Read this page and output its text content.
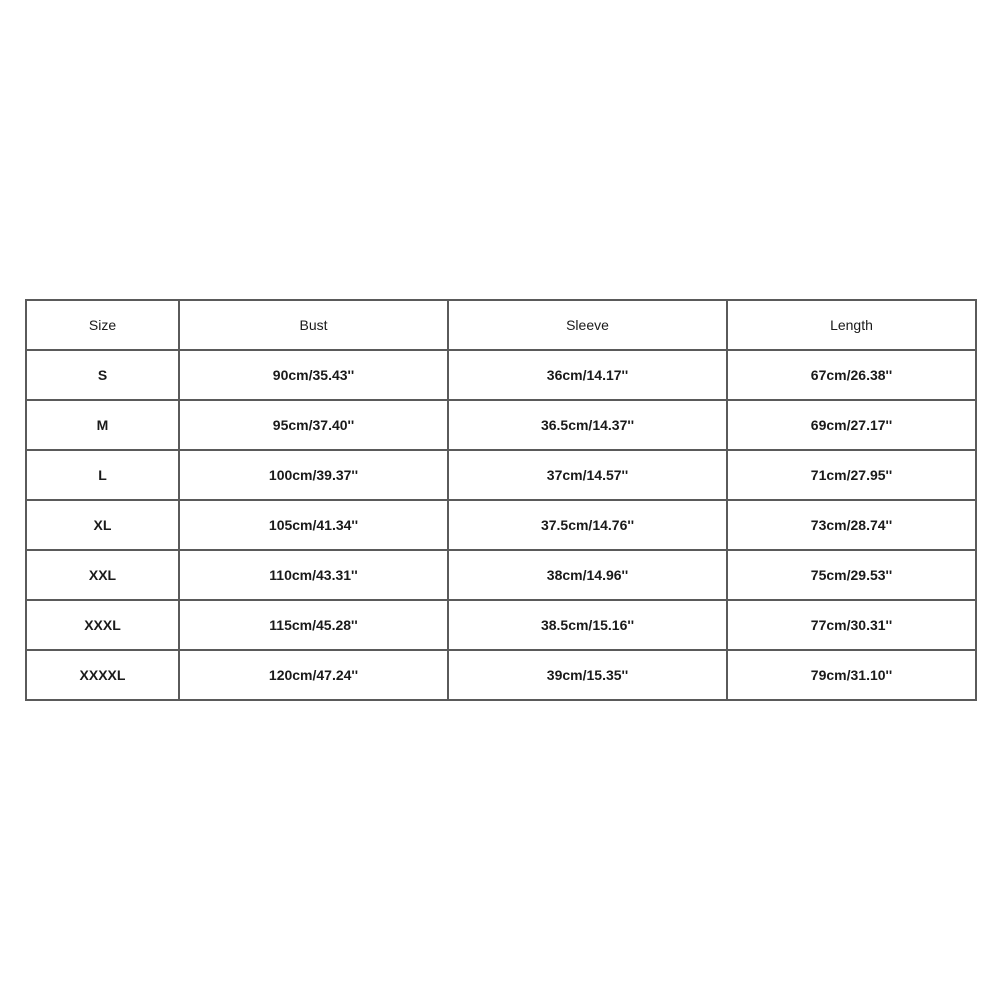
Size	Bust	Sleeve	Length
S	90cm/35.43''	36cm/14.17''	67cm/26.38''
M	95cm/37.40''	36.5cm/14.37''	69cm/27.17''
L	100cm/39.37''	37cm/14.57''	71cm/27.95''
XL	105cm/41.34''	37.5cm/14.76''	73cm/28.74''
XXL	110cm/43.31''	38cm/14.96''	75cm/29.53''
XXXL	115cm/45.28''	38.5cm/15.16''	77cm/30.31''
XXXXL	120cm/47.24''	39cm/15.35''	79cm/31.10''
